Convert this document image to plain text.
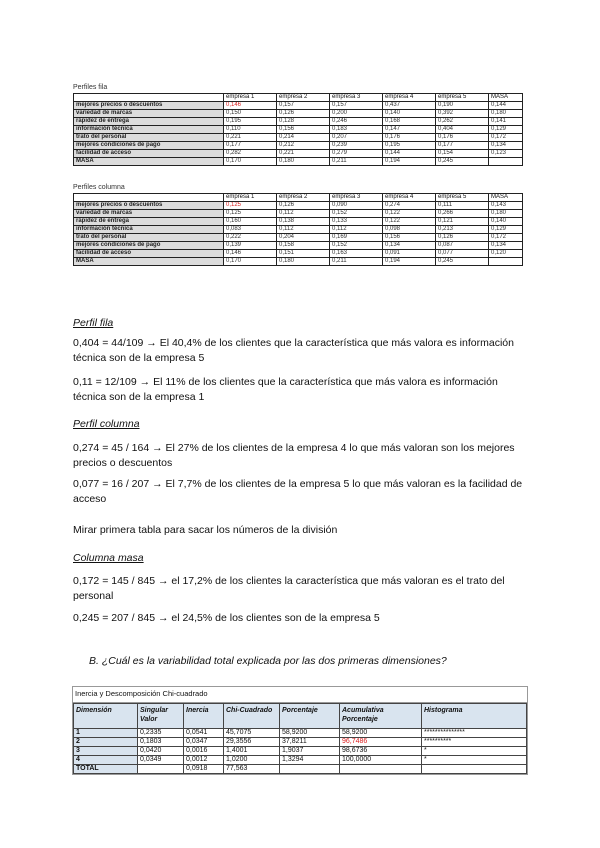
Perfiles fila
	empresa 1	empresa 2	empresa 3	empresa 4	empresa 5	MASA
mejores precios o descuentos	0,146	0,157	0,157	0,437	0,190	0,144
variedad de marcas	0,150	0,126	0,200	0,140	0,392	0,180
rápidez de entrega	0,195	0,128	0,246	0,168	0,262	0,141
información técnica	0,110	0,156	0,183	0,147	0,404	0,129
trato del personal	0,221	0,214	0,207	0,176	0,176	0,172
mejores condiciones de pago	0,177	0,212	0,239	0,195	0,177	0,134
facilidad de acceso	0,282	0,221	0,279	0,144	0,154	0,123
MASA	0,170	0,180	0,211	0,194	0,245	
Perfiles columna
	empresa 1	empresa 2	empresa 3	empresa 4	empresa 5	MASA
mejores precios o descuentos	0,125	0,126	0,090	0,274	0,111	0,143
variedad de marcas	0,125	0,112	0,152	0,122	0,266	0,180
rápidez de entrega	0,160	0,138	0,133	0,122	0,121	0,140
información técnica	0,083	0,112	0,112	0,098	0,213	0,129
trato del personal	0,222	0,204	0,169	0,156	0,126	0,172
mejores condiciones de pago	0,139	0,158	0,152	0,134	0,087	0,134
facilidad de acceso	0,146	0,151	0,163	0,091	0,077	0,120
MASA	0,170	0,180	0,211	0,194	0,245	
Perfil fila
0,404 = 44/109 → El 40,4% de los clientes que la característica que más valora es información técnica son de la empresa 5
0,11 = 12/109 → El 11% de los clientes que la característica que más valora es información técnica son de la empresa 1
Perfil columna
0,274 = 45 / 164 → El 27% de los clientes de la empresa 4 lo que más valoran son los mejores precios o descuentos
0,077 = 16 / 207 → El 7,7% de los clientes de la empresa 5 lo que más valoran es la facilidad de acceso
Mirar primera tabla para sacar los números de la división
Columna masa
0,172 = 145 / 845 → el 17,2% de los clientes la característica que más valoran es el trato del personal
0,245 = 207 / 845 → el 24,5% de los clientes son de la empresa 5
B. ¿Cuál es la variabilidad total explicada por las dos primeras dimensiones?
Inercia y Descomposición Chi-cuadrado
Dimensión	Singular Valor	Inercia	Chi-Cuadrado	Porcentaje	Acumulativa Porcentaje	Histograma
1	0,2335	0,0541	45,7075	58,9200	58,9200	***************
2	0,1803	0,0347	29,3556	37,8211	96,7486	**********
3	0,0420	0,0016	1,4001	1,9037	98,6736	*
4	0,0349	0,0012	1,0200	1,3294	100,0000	*
TOTAL		0,0918	77,563			
